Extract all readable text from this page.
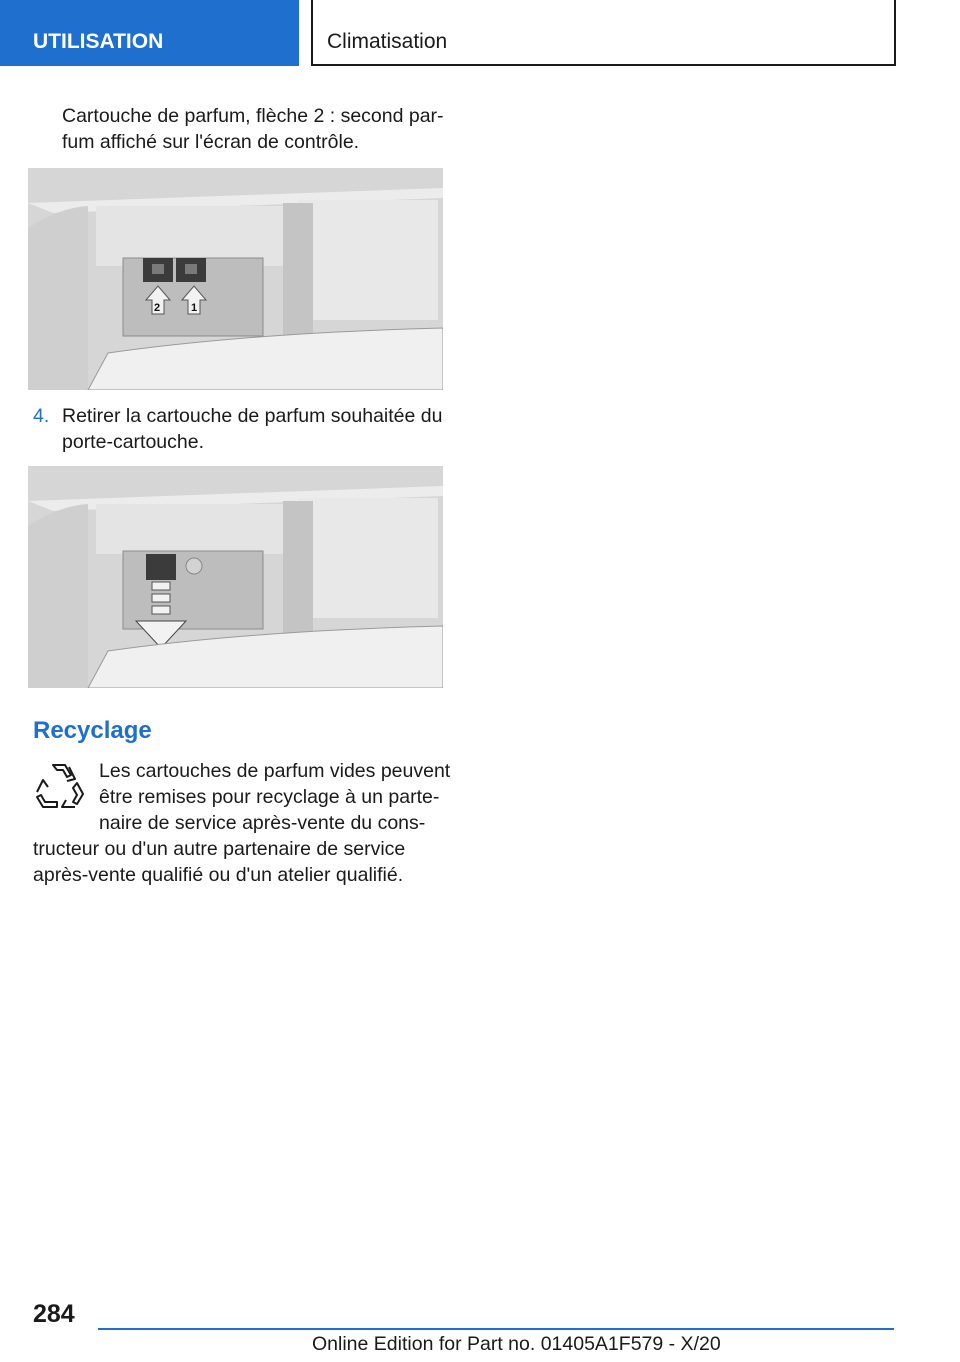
UTILISATION	Climatisation
Cartouche de parfum, flèche 2 : second par-fum affiché sur l'écran de contrôle.
2	1
4. Retirer la cartouche de parfum souhaitée du porte-cartouche.
Recyclage
Les cartouches de parfum vides peuvent être remises pour recyclage à un parte-naire de service après-vente du cons-tructeur ou d'un autre partenaire de service après-vente qualifié ou d'un atelier qualifié.
284
Online Edition for Part no. 01405A1F579 - X/20
